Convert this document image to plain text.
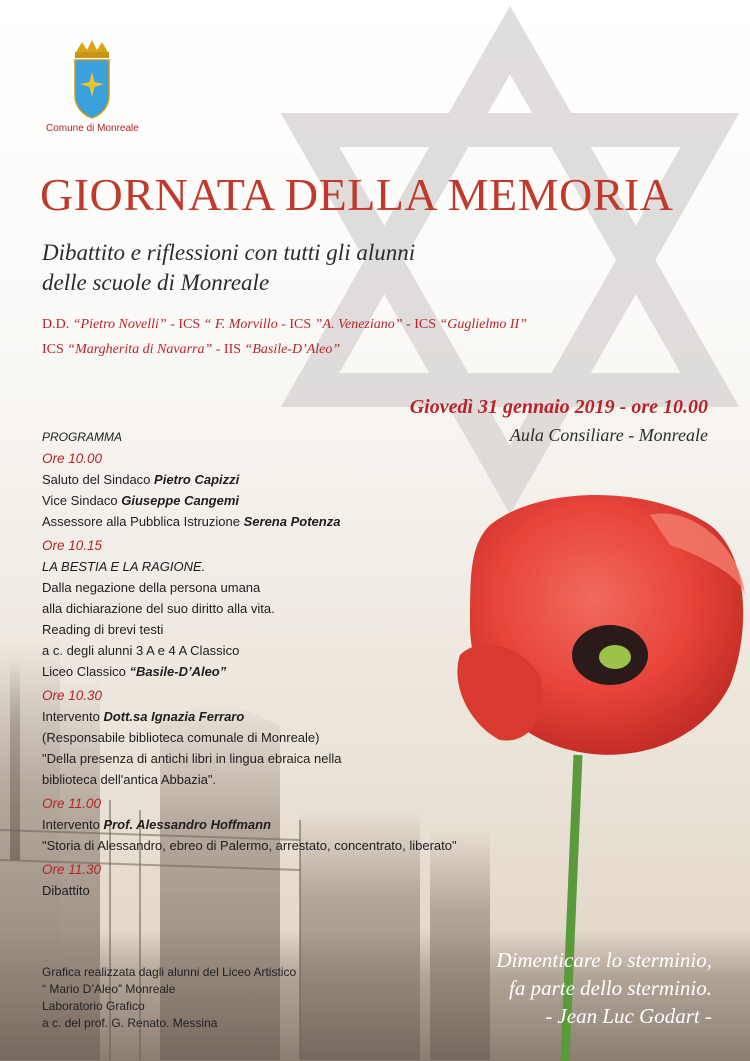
Comune di Monreale
GIORNATA DELLA MEMORIA
Dibattito e riflessioni con tutti gli alunni
delle scuole di Monreale
D.D. “Pietro Novelli” - ICS “ F. Morvillo - ICS ”A. Veneziano” - ICS “Guglielmo II”
ICS “Margherita di Navarra” - IIS “Basile-D’Aleo”
Giovedì 31 gennaio 2019 - ore 10.00
Aula Consiliare - Monreale
PROGRAMMA
Ore 10.00
Saluto del Sindaco Pietro Capizzi
Vice Sindaco Giuseppe Cangemi
Assessore alla Pubblica Istruzione Serena Potenza
Ore 10.15
LA BESTIA E LA RAGIONE.
Dalla negazione della persona umana
alla dichiarazione del suo diritto alla vita.
Reading di brevi testi
a c. degli alunni 3 A e 4 A Classico
Liceo Classico “Basile-D’Aleo”
Ore 10.30
Intervento Dott.sa Ignazia Ferraro
(Responsabile biblioteca comunale di Monreale)
"Della presenza di antichi libri in lingua ebraica nella
biblioteca dell'antica Abbazia".
Ore 11.00
Intervento Prof. Alessandro Hoffmann
"Storia di Alessandro, ebreo di Palermo, arrestato, concentrato, liberato"
Ore 11.30
Dibattito
Grafica realizzata dagli alunni del Liceo Artistico
“ Mario D’Aleo” Monreale
Laboratorio Grafico
a c. del prof. G. Renato. Messina
Dimenticare lo sterminio,
fa parte dello sterminio.
- Jean Luc Godart -
